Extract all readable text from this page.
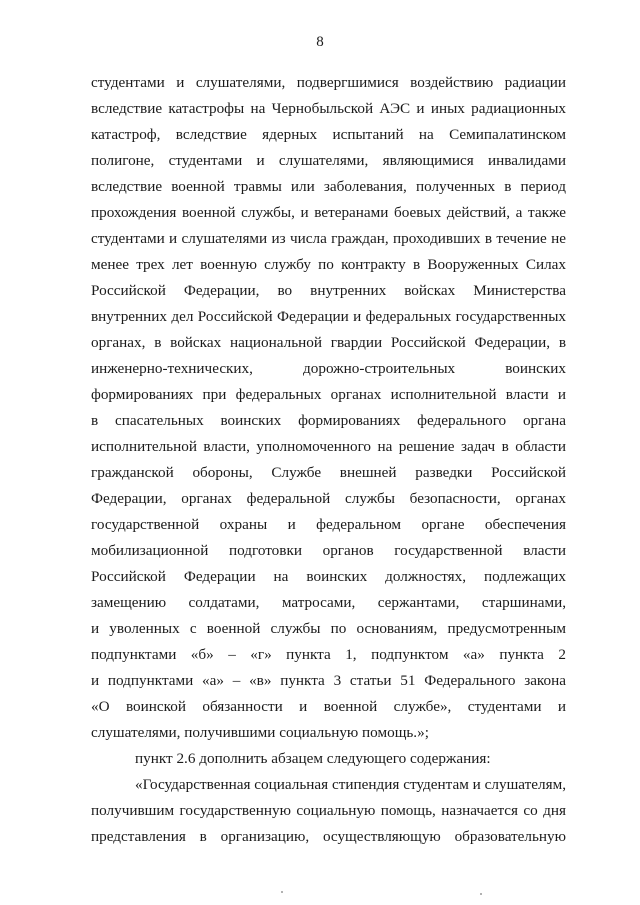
8
студентами и слушателями, подвергшимися воздействию радиации
вследствие катастрофы на Чернобыльской АЭС и иных радиационных
катастроф, вследствие ядерных испытаний на Семипалатинском
полигоне, студентами и слушателями, являющимися инвалидами
вследствие военной травмы или заболевания, полученных в период
прохождения военной службы, и ветеранами боевых действий, а также
студентами и слушателями из числа граждан, проходивших в течение не
менее трех лет военную службу по контракту в Вооруженных Силах
Российской Федерации, во внутренних войсках Министерства
внутренних дел Российской Федерации и федеральных государственных
органах, в войсках национальной гвардии Российской Федерации, в
инженерно-технических, дорожно-строительных воинских
формированиях при федеральных органах исполнительной власти и
в спасательных воинских формированиях федерального органа
исполнительной власти, уполномоченного на решение задач в области
гражданской обороны, Службе внешней разведки Российской
Федерации, органах федеральной службы безопасности, органах
государственной охраны и федеральном органе обеспечения
мобилизационной подготовки органов государственной власти
Российской Федерации на воинских должностях, подлежащих
замещению солдатами, матросами, сержантами, старшинами,
и уволенных с военной службы по основаниям, предусмотренным
подпунктами «б» – «г» пункта 1, подпунктом «а» пункта 2
и подпунктами «а» – «в» пункта 3 статьи 51 Федерального закона
«О воинской обязанности и военной службе», студентами и
слушателями, получившими социальную помощь.»;
пункт 2.6 дополнить абзацем следующего содержания:
«Государственная социальная стипендия студентам и слушателям,
получившим государственную социальную помощь, назначается со дня
представления в организацию, осуществляющую образовательную
